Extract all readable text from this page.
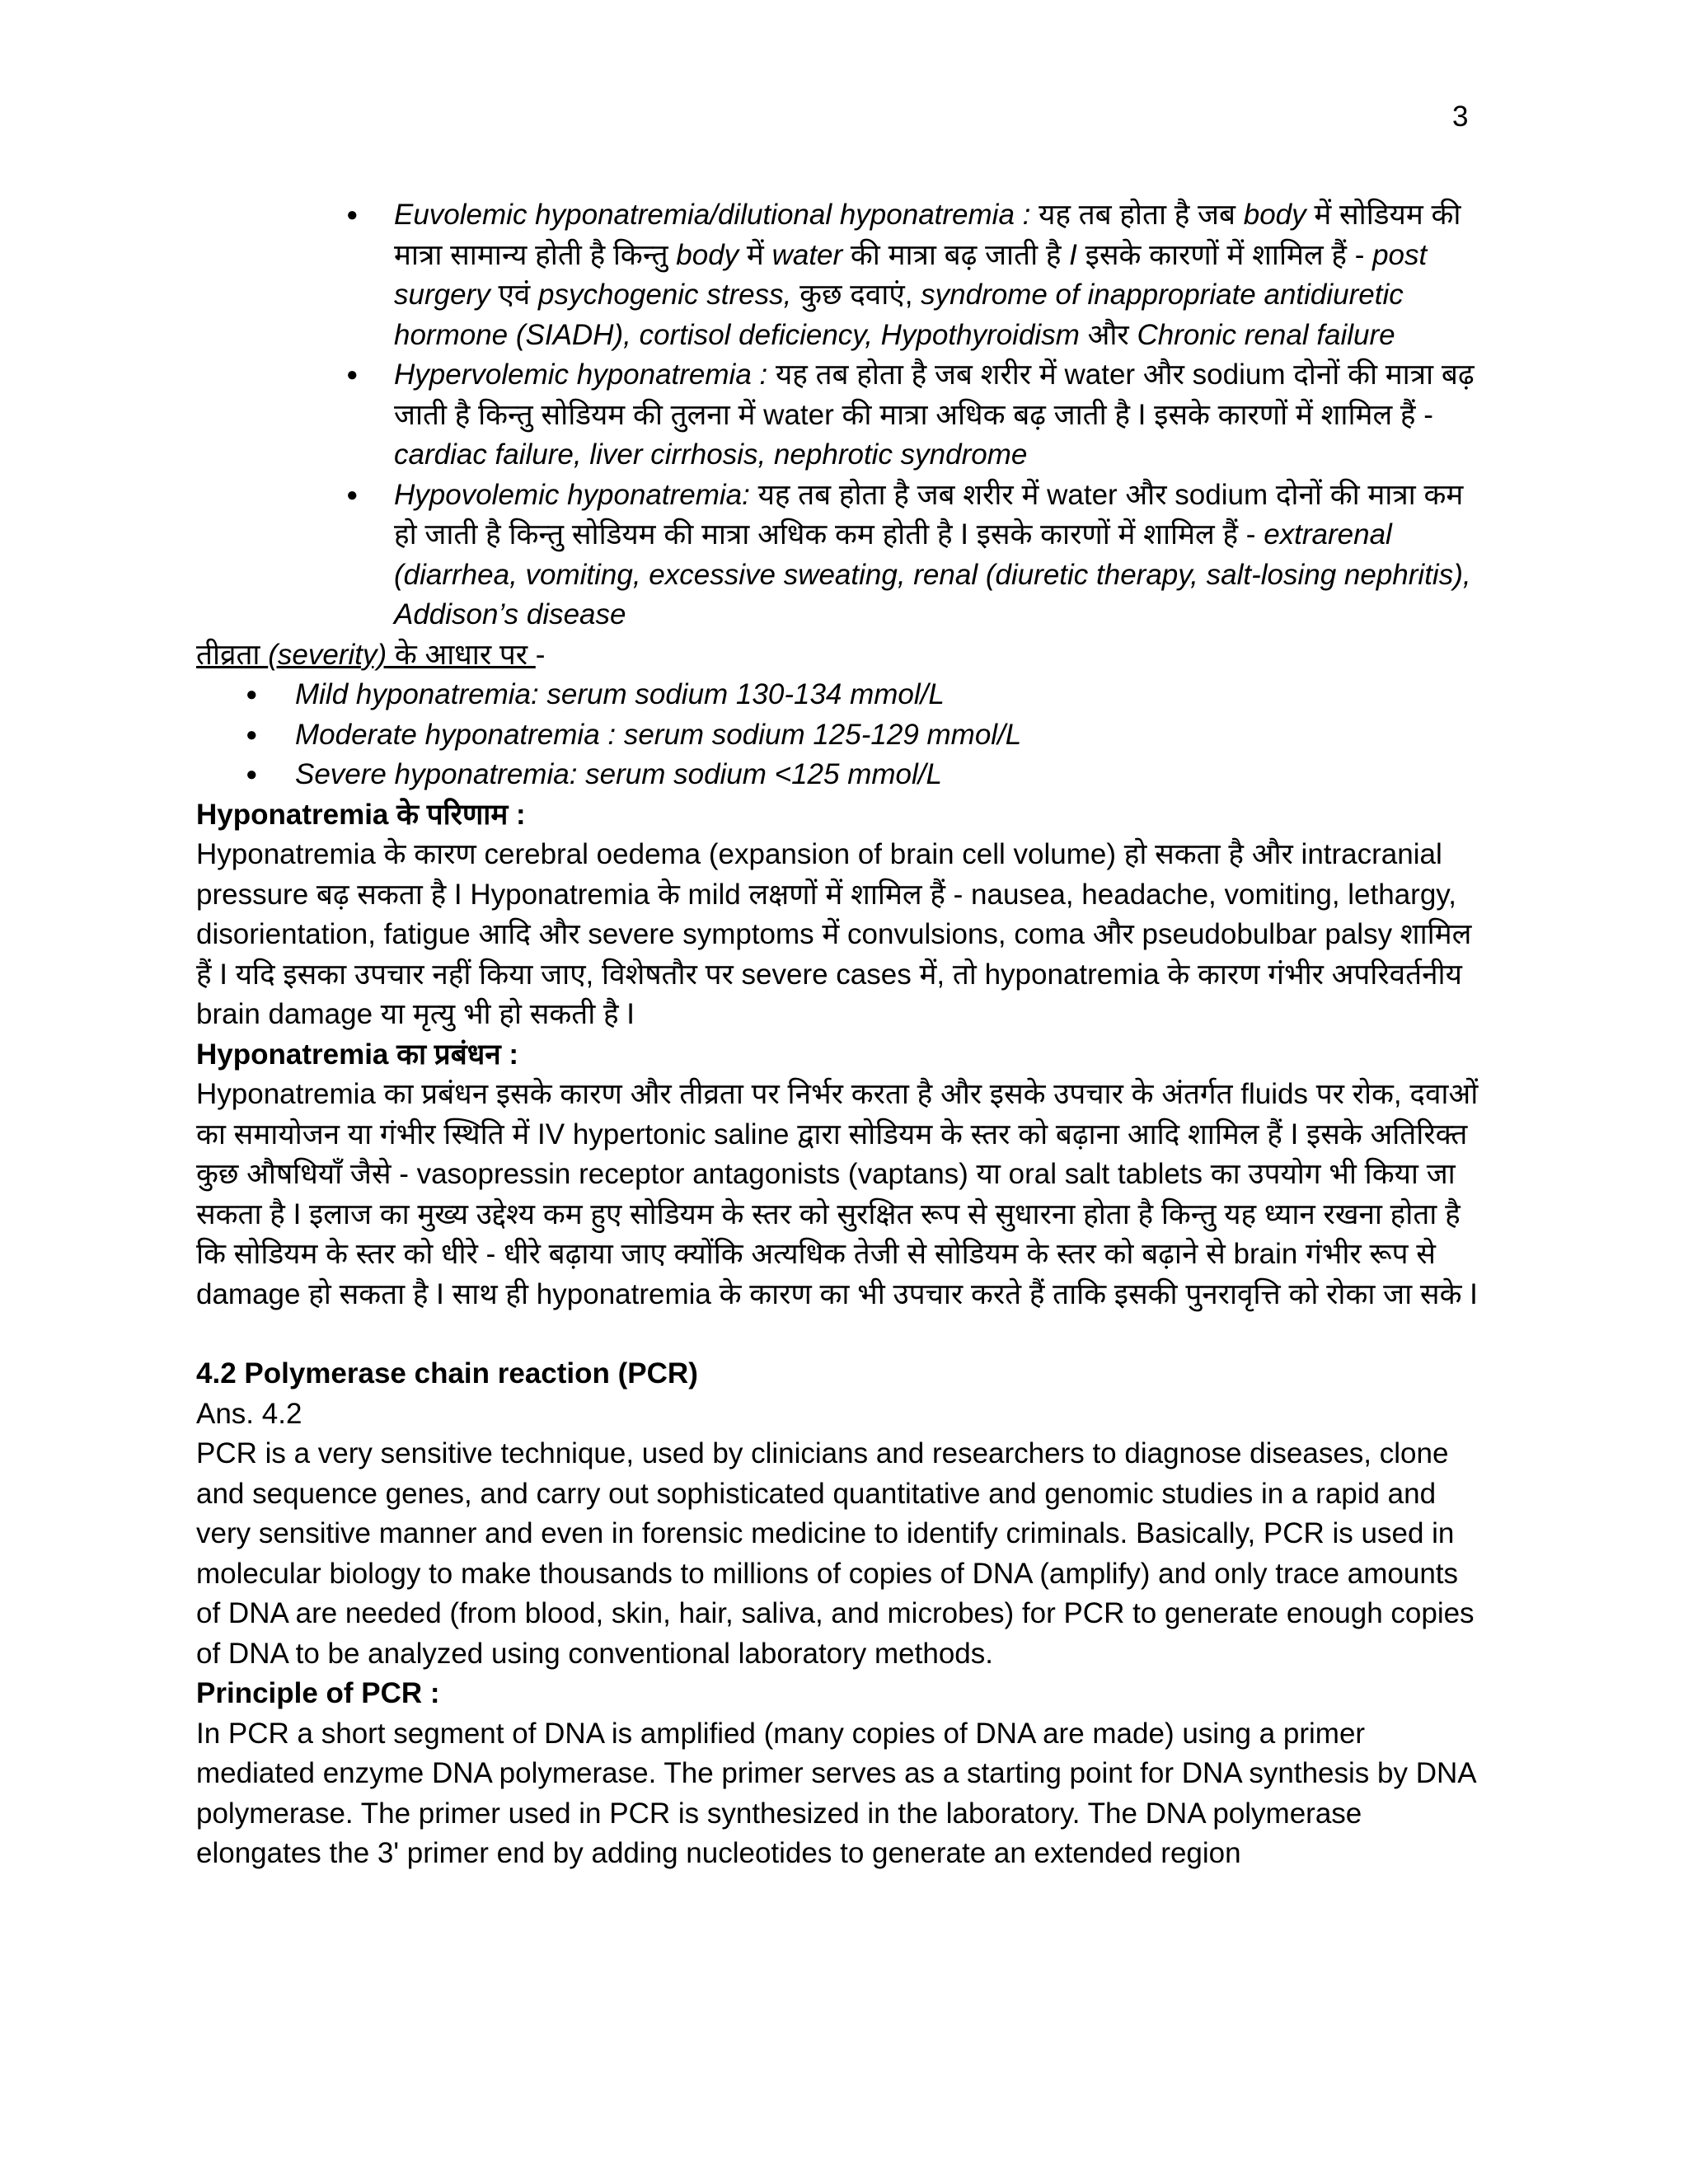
3
● Euvolemic hyponatremia/dilutional hyponatremia : यह तब होता है जब body में सोडियम की मात्रा सामान्य होती है किन्तु body में water की मात्रा बढ़ जाती है I इसके कारणों में शामिल हैं - post surgery एवं psychogenic stress, कुछ दवाएं, syndrome of inappropriate antidiuretic hormone (SIADH), cortisol deficiency, Hypothyroidism और Chronic renal failure
● Hypervolemic hyponatremia : यह तब होता है जब शरीर में water और sodium दोनों की मात्रा बढ़ जाती है किन्तु सोडियम की तुलना में water की मात्रा अधिक बढ़ जाती है I इसके कारणों में शामिल हैं - cardiac failure, liver cirrhosis, nephrotic syndrome
● Hypovolemic hyponatremia: यह तब होता है जब शरीर में water और sodium दोनों की मात्रा कम हो जाती है किन्तु सोडियम की मात्रा अधिक कम होती है I इसके कारणों में शामिल हैं - extrarenal (diarrhea, vomiting, excessive sweating, renal (diuretic therapy, salt-losing nephritis), Addison’s disease

तीव्रता (severity) के आधार पर -

● Mild hyponatremia: serum sodium 130-134 mmol/L
● Moderate hyponatremia : serum sodium 125-129 mmol/L
● Severe hyponatremia: serum sodium <125 mmol/L

Hyponatremia के परिणाम :

Hyponatremia के कारण cerebral oedema (expansion of brain cell volume) हो सकता है और intracranial pressure बढ़ सकता है I Hyponatremia के mild लक्षणों में शामिल हैं - nausea, headache, vomiting, lethargy, disorientation, fatigue आदि और severe symptoms में convulsions, coma और pseudobulbar palsy शामिल हैं I यदि इसका उपचार नहीं किया जाए, विशेषतौर पर severe cases में, तो hyponatremia के कारण गंभीर अपरिवर्तनीय brain damage या मृत्यु भी हो सकती है I

Hyponatremia का प्रबंधन :

Hyponatremia का प्रबंधन इसके कारण और तीव्रता पर निर्भर करता है और इसके उपचार के अंतर्गत fluids पर रोक, दवाओं का समायोजन या गंभीर स्थिति में IV hypertonic saline द्वारा सोडियम के स्तर को बढ़ाना आदि शामिल हैं I इसके अतिरिक्त कुछ औषधियाँ जैसे - vasopressin receptor antagonists (vaptans) या oral salt tablets का उपयोग भी किया जा सकता है I इलाज का मुख्य उद्देश्य कम हुए सोडियम के स्तर को सुरक्षित रूप से सुधारना होता है किन्तु यह ध्यान रखना होता है कि सोडियम के स्तर को धीरे - धीरे बढ़ाया जाए क्योंकि अत्यधिक तेजी से सोडियम के स्तर को बढ़ाने से brain गंभीर रूप से damage हो सकता है I साथ ही hyponatremia के कारण का भी उपचार करते हैं ताकि इसकी पुनरावृत्ति को रोका जा सके I

4.2 Polymerase chain reaction (PCR)

Ans. 4.2

PCR is a very sensitive technique, used by clinicians and researchers to diagnose diseases, clone and sequence genes, and carry out sophisticated quantitative and genomic studies in a rapid and very sensitive manner and even in forensic medicine to identify criminals. Basically, PCR is used in molecular biology to make thousands to millions of copies of DNA (amplify) and only trace amounts of DNA are needed (from blood, skin, hair, saliva, and microbes) for PCR to generate enough copies of DNA to be analyzed using conventional laboratory methods.

Principle of PCR :

In PCR a short segment of DNA is amplified (many copies of DNA are made) using a primer mediated enzyme DNA polymerase. The primer serves as a starting point for DNA synthesis by DNA polymerase. The primer used in PCR is synthesized in the laboratory. The DNA polymerase elongates the 3' primer end by adding nucleotides to generate an extended region
